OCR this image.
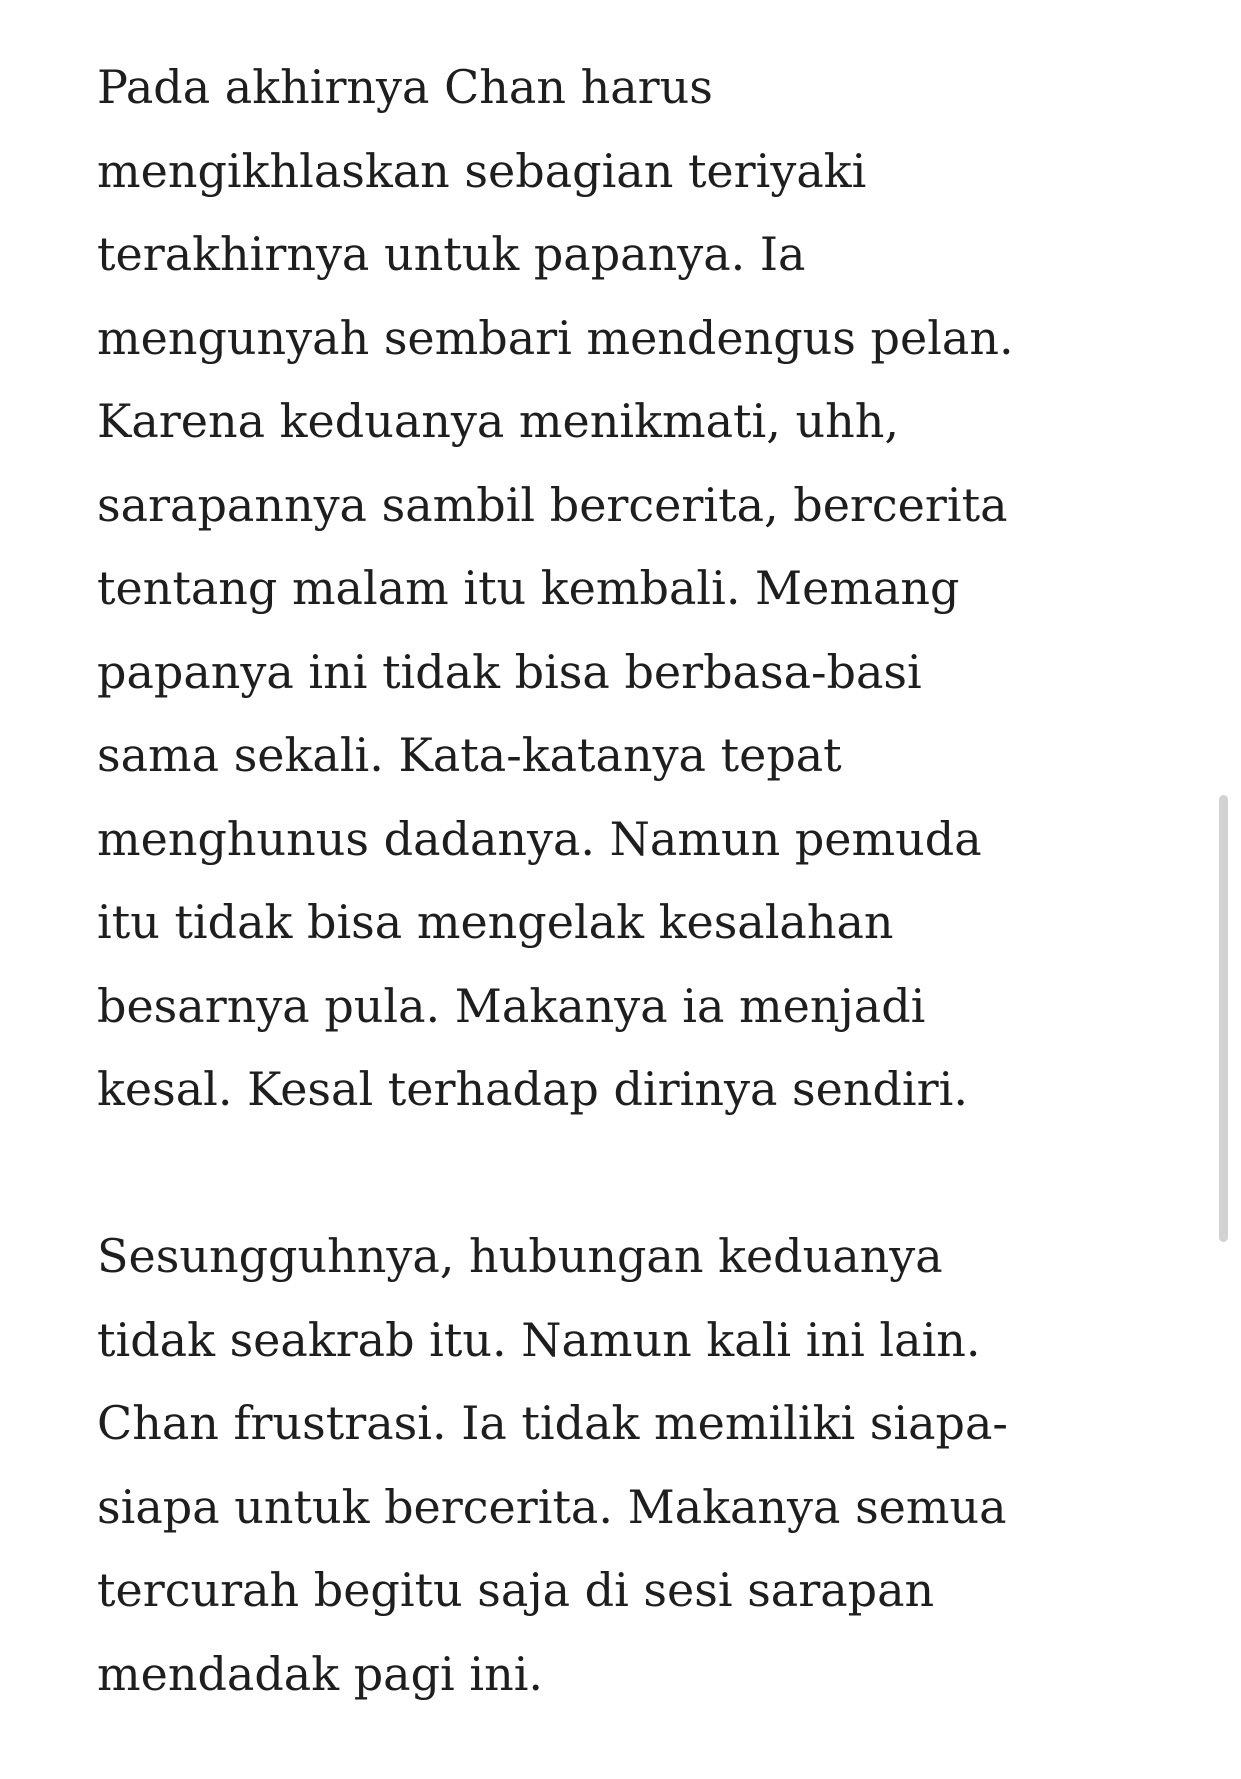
Pada akhirnya Chan harus
mengikhlaskan sebagian teriyaki
terakhirnya untuk papanya. Ia
mengunyah sembari mendengus pelan.
Karena keduanya menikmati, uhh,
sarapannya sambil bercerita, bercerita
tentang malam itu kembali. Memang
papanya ini tidak bisa berbasa-basi
sama sekali. Kata-katanya tepat
menghunus dadanya. Namun pemuda
itu tidak bisa mengelak kesalahan
besarnya pula. Makanya ia menjadi
kesal. Kesal terhadap dirinya sendiri.

Sesungguhnya, hubungan keduanya
tidak seakrab itu. Namun kali ini lain.
Chan frustrasi. Ia tidak memiliki siapa-
siapa untuk bercerita. Makanya semua
tercurah begitu saja di sesi sarapan
mendadak pagi ini.
